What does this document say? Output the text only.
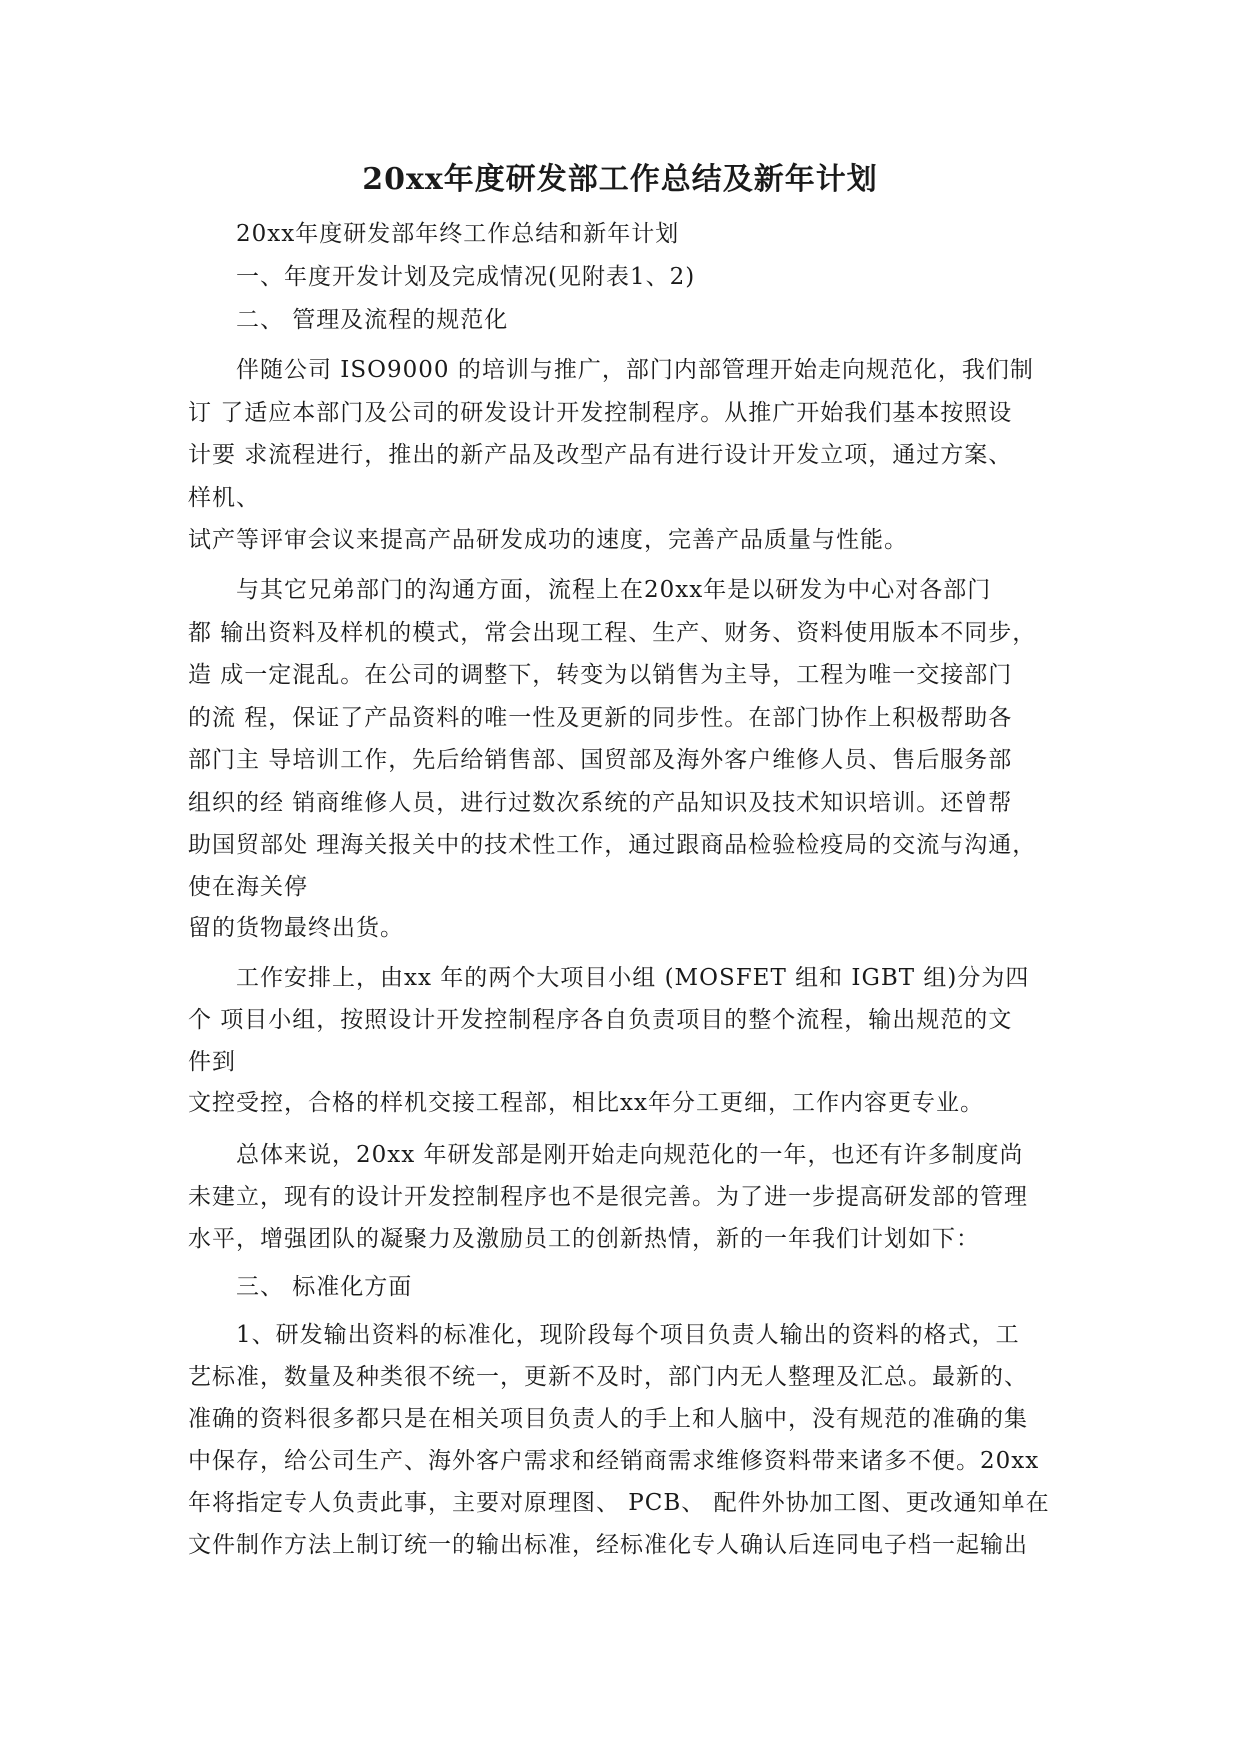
20xx年度研发部工作总结及新年计划

20xx年度研发部年终工作总结和新年计划

一、年度开发计划及完成情况(见附表1、2)

二、 管理及流程的规范化

伴随公司 ISO9000 的培训与推广，部门内部管理开始走向规范化，我们制

订 了适应本部门及公司的研发设计开发控制程序。从推广开始我们基本按照设

计要 求流程进行，推出的新产品及改型产品有进行设计开发立项，通过方案、

样机、

试产等评审会议来提高产品研发成功的速度，完善产品质量与性能。

与其它兄弟部门的沟通方面，流程上在20xx年是以研发为中心对各部门

都 输出资料及样机的模式，常会出现工程、生产、财务、资料使用版本不同步，

造 成一定混乱。在公司的调整下，转变为以销售为主导，工程为唯一交接部门

的流 程，保证了产品资料的唯一性及更新的同步性。在部门协作上积极帮助各

部门主 导培训工作，先后给销售部、国贸部及海外客户维修人员、售后服务部

组织的经 销商维修人员，进行过数次系统的产品知识及技术知识培训。还曾帮

助国贸部处 理海关报关中的技术性工作，通过跟商品检验检疫局的交流与沟通，

使在海关停

留的货物最终出货。

工作安排上，由xx 年的两个大项目小组 (MOSFET 组和 IGBT 组)分为四

个 项目小组，按照设计开发控制程序各自负责项目的整个流程，输出规范的文

件到

文控受控，合格的样机交接工程部，相比xx年分工更细，工作内容更专业。

总体来说，20xx 年研发部是刚开始走向规范化的一年，也还有许多制度尚

未建立，现有的设计开发控制程序也不是很完善。为了进一步提高研发部的管理

水平，增强团队的凝聚力及激励员工的创新热情，新的一年我们计划如下：

三、 标准化方面

1、研发输出资料的标准化，现阶段每个项目负责人输出的资料的格式，工

艺标准，数量及种类很不统一，更新不及时，部门内无人整理及汇总。最新的、

准确的资料很多都只是在相关项目负责人的手上和人脑中，没有规范的准确的集

中保存，给公司生产、海外客户需求和经销商需求维修资料带来诸多不便。20xx

年将指定专人负责此事，主要对原理图、 PCB、 配件外协加工图、更改通知单在

文件制作方法上制订统一的输出标准，经标准化专人确认后连同电子档一起输出
